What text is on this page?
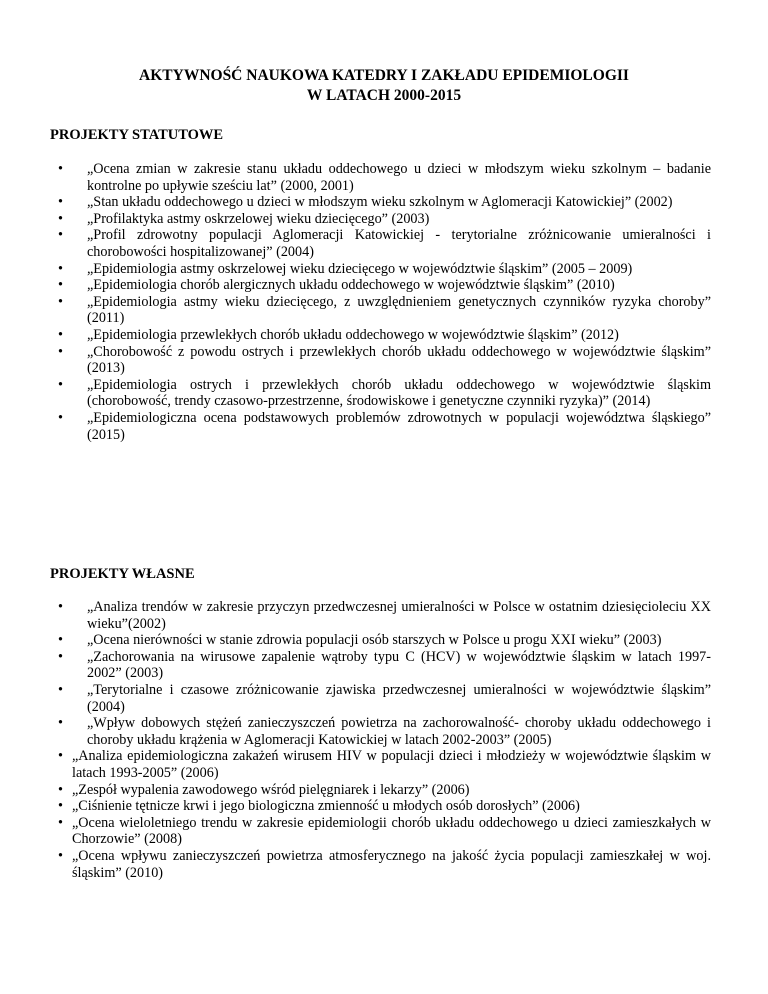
AKTYWNOŚĆ NAUKOWA KATEDRY I ZAKŁADU EPIDEMIOLOGII
W LATACH 2000-2015
PROJEKTY STATUTOWE
•	„Ocena zmian w zakresie stanu układu oddechowego u dzieci w młodszym wieku szkolnym – badanie kontrolne po upływie sześciu lat” (2000, 2001)
•	„Stan układu oddechowego u dzieci w młodszym wieku szkolnym w Aglomeracji Katowickiej” (2002)
•	„Profilaktyka astmy oskrzelowej wieku dziecięcego” (2003)
•	„Profil zdrowotny populacji Aglomeracji Katowickiej - terytorialne zróżnicowanie umieralności i chorobowości hospitalizowanej” (2004)
•	„Epidemiologia astmy oskrzelowej wieku dziecięcego w województwie śląskim” (2005 – 2009)
•	„Epidemiologia chorób alergicznych układu oddechowego w województwie śląskim” (2010)
•	„Epidemiologia astmy wieku dziecięcego, z uwzględnieniem genetycznych czynników ryzyka choroby” (2011)
•	„Epidemiologia przewlekłych chorób układu oddechowego w województwie śląskim” (2012)
•	„Chorobowość z powodu ostrych i przewlekłych chorób układu oddechowego w województwie śląskim” (2013)
•	„Epidemiologia ostrych i przewlekłych chorób układu oddechowego w województwie śląskim (chorobowość, trendy czasowo-przestrzenne, środowiskowe i genetyczne czynniki ryzyka)” (2014)
•	„Epidemiologiczna ocena podstawowych problemów zdrowotnych w populacji województwa śląskiego” (2015)
PROJEKTY WŁASNE
•	„Analiza trendów w zakresie przyczyn przedwczesnej umieralności w Polsce w ostatnim dziesięcioleciu XX wieku”(2002)
•	„Ocena nierówności w stanie zdrowia populacji osób starszych w Polsce u progu XXI wieku” (2003)
•	„Zachorowania na wirusowe zapalenie wątroby typu C (HCV) w województwie śląskim w latach 1997-2002” (2003)
•	„Terytorialne i czasowe zróżnicowanie zjawiska przedwczesnej umieralności w województwie śląskim” (2004)
•	„Wpływ dobowych stężeń zanieczyszczeń powietrza na zachorowalność- choroby układu oddechowego i choroby układu krążenia w Aglomeracji Katowickiej w latach 2002-2003” (2005)
• „Analiza epidemiologiczna zakażeń wirusem HIV w populacji dzieci i młodzieży w województwie śląskim w latach 1993-2005” (2006)
• „Zespół wypalenia zawodowego wśród pielęgniarek i lekarzy” (2006)
• „Ciśnienie tętnicze krwi i jego biologiczna zmienność u młodych osób dorosłych” (2006)
• „Ocena wieloletniego trendu w zakresie epidemiologii chorób układu oddechowego u dzieci zamieszkałych w Chorzowie” (2008)
• „Ocena wpływu zanieczyszczeń powietrza atmosferycznego na jakość życia populacji zamieszkałej w woj. śląskim” (2010)
